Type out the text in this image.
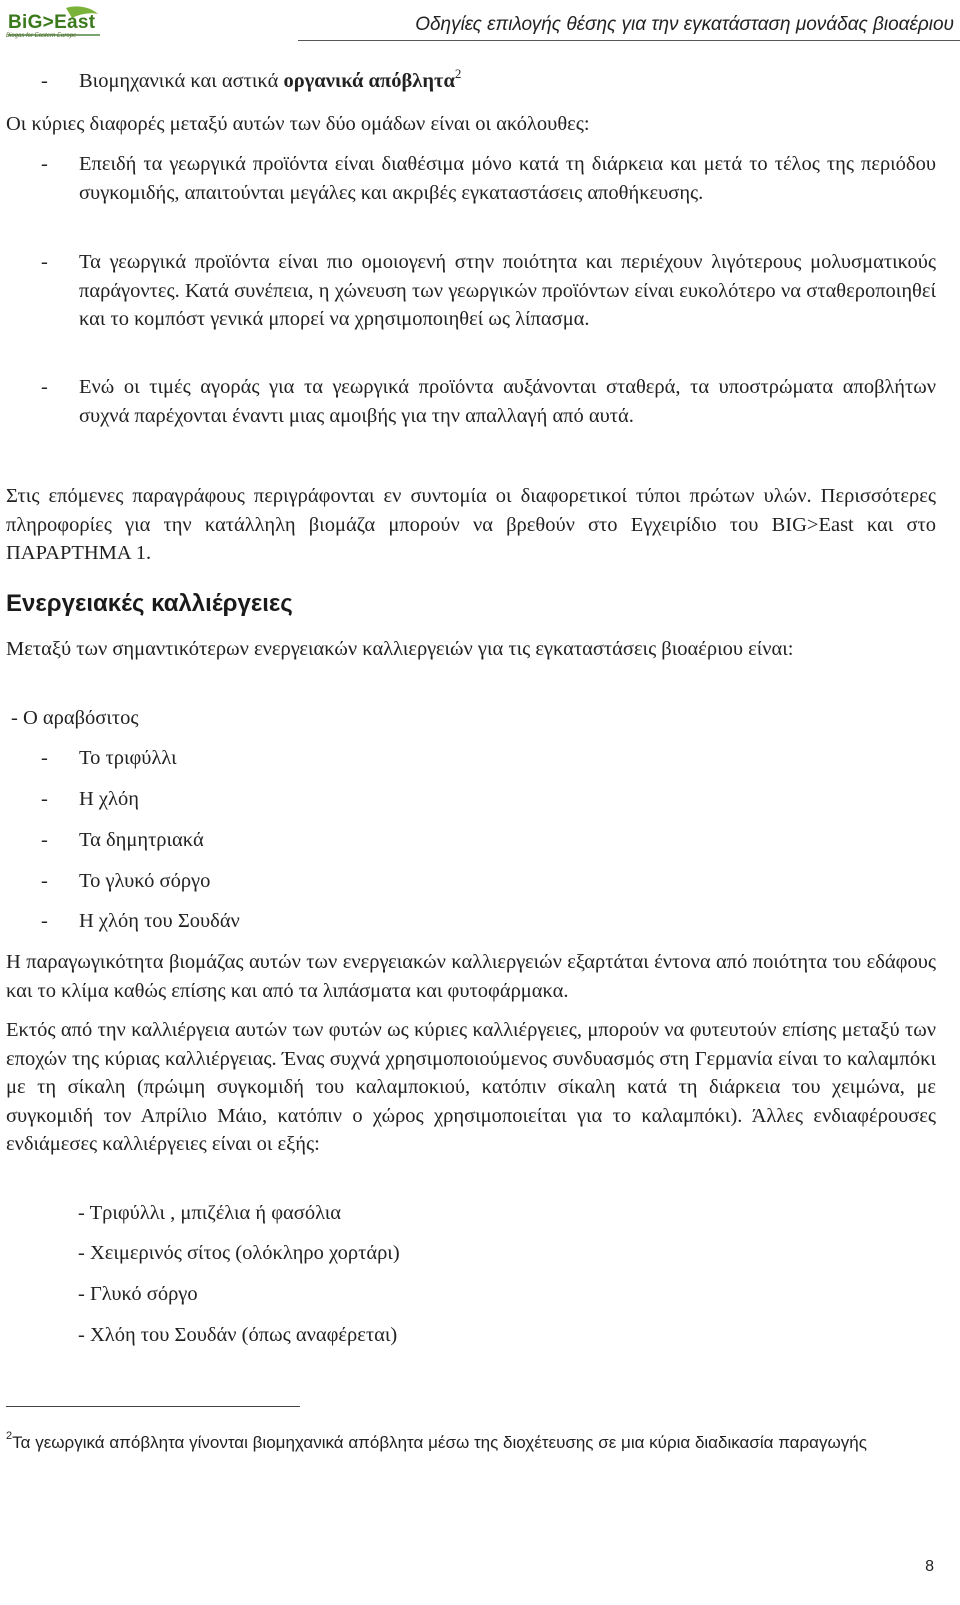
BiG>East
Biogas for Eastern Europe
Οδηγίες επιλογής θέσης για την εγκατάσταση μονάδας βιοαέριου
- Βιομηχανικά και αστικά οργανικά απόβλητα$^2$
Οι κύριες διαφορές μεταξύ αυτών των δύο ομάδων είναι οι ακόλουθες:
- Επειδή τα γεωργικά προϊόντα είναι διαθέσιμα μόνο κατά τη διάρκεια και μετά το τέλος της περιόδου συγκομιδής, απαιτούνται μεγάλες και ακριβές εγκαταστάσεις αποθήκευσης.
- Τα γεωργικά προϊόντα είναι πιο ομοιογενή στην ποιότητα και περιέχουν λιγότερους μολυσματικούς παράγοντες. Κατά συνέπεια, η χώνευση των γεωργικών προϊόντων είναι ευκολότερο να σταθεροποιηθεί και το κομπόστ γενικά μπορεί να χρησιμοποιηθεί ως λίπασμα.
- Ενώ οι τιμές αγοράς για τα γεωργικά προϊόντα αυξάνονται σταθερά, τα υποστρώματα αποβλήτων συχνά παρέχονται έναντι μιας αμοιβής για την απαλλαγή από αυτά.
Στις επόμενες παραγράφους περιγράφονται εν συντομία οι διαφορετικοί τύποι πρώτων υλών. Περισσότερες πληροφορίες για την κατάλληλη βιομάζα μπορούν να βρεθούν στο Εγχειρίδιο του BIG>East και στο ΠΑΡΑΡΤΗΜΑ 1.
Ενεργειακές καλλιέργειες
Μεταξύ των σημαντικότερων ενεργειακών καλλιεργειών για τις εγκαταστάσεις βιοαέριου είναι:
- Ο αραβόσιτος
- Το τριφύλλι
- Η χλόη
- Τα δημητριακά
- Το γλυκό σόργο
- Η χλόη του Σουδάν
Η παραγωγικότητα βιομάζας αυτών των ενεργειακών καλλιεργειών εξαρτάται έντονα από ποιότητα του εδάφους και το κλίμα καθώς επίσης και από τα λιπάσματα και φυτοφάρμακα.
Εκτός από την καλλιέργεια αυτών των φυτών ως κύριες καλλιέργειες, μπορούν να φυτευτούν επίσης μεταξύ των εποχών της κύριας καλλιέργειας. Ένας συχνά χρησιμοποιούμενος συνδυασμός στη Γερμανία είναι το καλαμπόκι με τη σίκαλη (πρώιμη συγκομιδή του καλαμποκιού, κατόπιν σίκαλη κατά τη διάρκεια του χειμώνα, με συγκομιδή τον Απρίλιο Μάιο, κατόπιν ο χώρος χρησιμοποιείται για το καλαμπόκι). Άλλες ενδιαφέρουσες ενδιάμεσες καλλιέργειες είναι οι εξής:
- Τριφύλλι , μπιζέλια ή φασόλια
- Χειμερινός σίτος (ολόκληρο χορτάρι)
- Γλυκό σόργο
- Χλόη του Σουδάν (όπως αναφέρεται)
$^2$Τα γεωργικά απόβλητα γίνονται βιομηχανικά απόβλητα μέσω της διοχέτευσης σε μια κύρια διαδικασία παραγωγής
8
